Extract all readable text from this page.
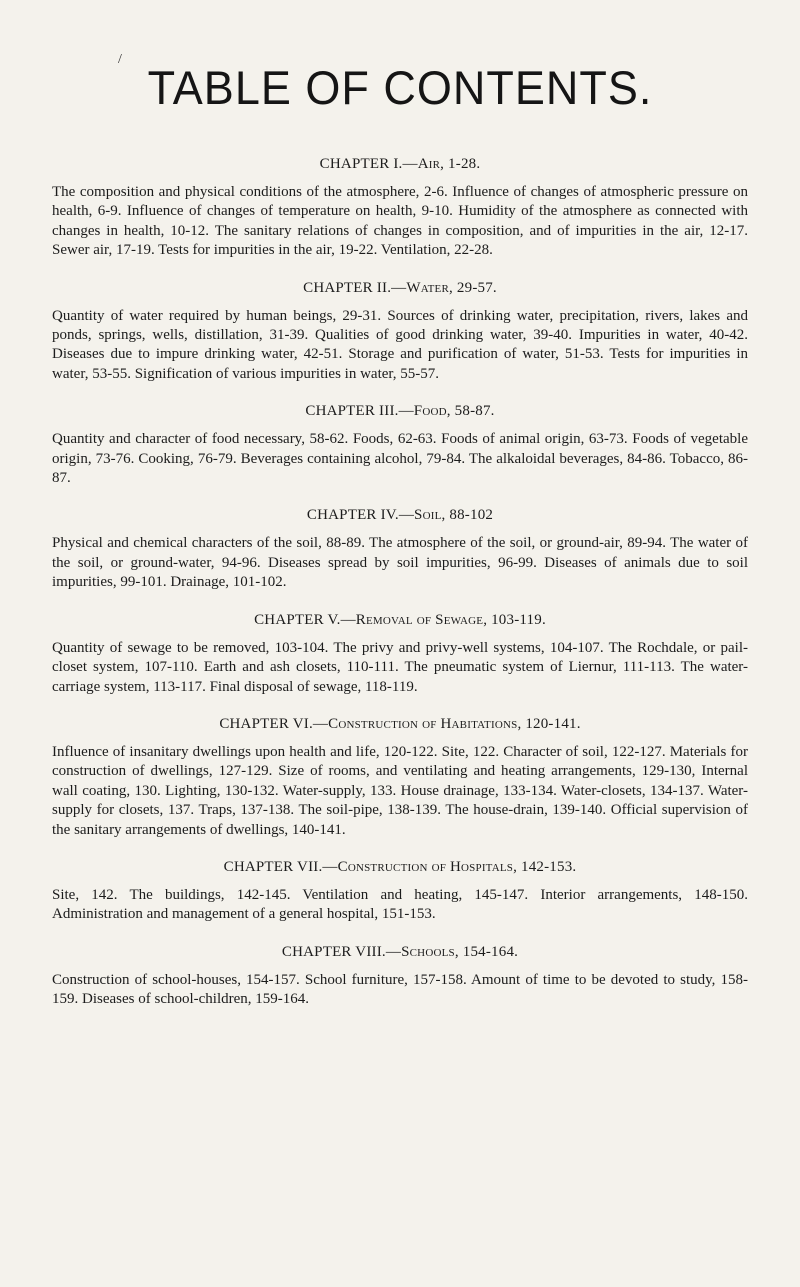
/
TABLE OF CONTENTS.

CHAPTER I.—Air, 1-28.

The composition and physical conditions of the atmosphere, 2-6. Influence of changes of atmospheric pressure on health, 6-9. Influence of changes of temperature on health, 9-10. Humidity of the atmosphere as connected with changes in health, 10-12. The sanitary relations of changes in composition, and of impurities in the air, 12-17. Sewer air, 17-19. Tests for impurities in the air, 19-22. Ventilation, 22-28.

CHAPTER II.—Water, 29-57.

Quantity of water required by human beings, 29-31. Sources of drinking water, precipitation, rivers, lakes and ponds, springs, wells, distillation, 31-39. Qualities of good drinking water, 39-40. Impurities in water, 40-42. Diseases due to impure drinking water, 42-51. Storage and purification of water, 51-53. Tests for impurities in water, 53-55. Signification of various impurities in water, 55-57.

CHAPTER III.—Food, 58-87.

Quantity and character of food necessary, 58-62. Foods, 62-63. Foods of animal origin, 63-73. Foods of vegetable origin, 73-76. Cooking, 76-79. Beverages containing alcohol, 79-84. The alkaloidal beverages, 84-86. Tobacco, 86-87.

CHAPTER IV.—Soil, 88-102

Physical and chemical characters of the soil, 88-89. The atmosphere of the soil, or ground-air, 89-94. The water of the soil, or ground-water, 94-96. Diseases spread by soil impurities, 96-99. Diseases of animals due to soil impurities, 99-101. Drainage, 101-102.

CHAPTER V.—Removal of Sewage, 103-119.

Quantity of sewage to be removed, 103-104. The privy and privy-well systems, 104-107. The Rochdale, or pail-closet system, 107-110. Earth and ash closets, 110-111. The pneumatic system of Liernur, 111-113. The water-carriage system, 113-117. Final disposal of sewage, 118-119.

CHAPTER VI.—Construction of Habitations, 120-141.

Influence of insanitary dwellings upon health and life, 120-122. Site, 122. Character of soil, 122-127. Materials for construction of dwellings, 127-129. Size of rooms, and ventilating and heating arrangements, 129-130, Internal wall coating, 130. Lighting, 130-132. Water-supply, 133. House drainage, 133-134. Water-closets, 134-137. Water-supply for closets, 137. Traps, 137-138. The soil-pipe, 138-139. The house-drain, 139-140. Official supervision of the sanitary arrangements of dwellings, 140-141.

CHAPTER VII.—Construction of Hospitals, 142-153.

Site, 142. The buildings, 142-145. Ventilation and heating, 145-147. Interior arrangements, 148-150. Administration and management of a general hospital, 151-153.

CHAPTER VIII.—Schools, 154-164.

Construction of school-houses, 154-157. School furniture, 157-158. Amount of time to be devoted to study, 158-159. Diseases of school-children, 159-164.
